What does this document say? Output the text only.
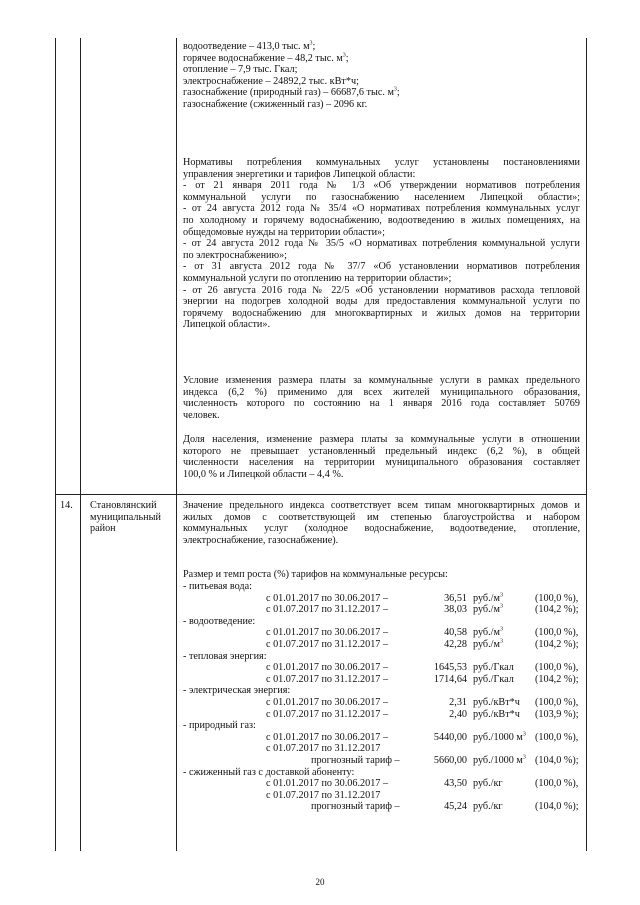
водоотведение – 413,0 тыс. $м^3$;
горячее водоснабжение – 48,2 тыс. $м^3$;
отопление – 7,9 тыс. Гкал;
электроснабжение – 24892,2 тыс. кВт*ч;
газоснабжение (природный газ) – 66687,6 тыс. $м^3$;
газоснабжение (сжиженный газ) – 2096 кг.
Нормативы потребления коммунальных услуг установлены постановлениями
управления энергетики и тарифов Липецкой области:
- от 21 января 2011 года № 1/3 «Об утверждении нормативов потребления
коммунальной услуги по газоснабжению населением Липецкой области»;
- от 24 августа 2012 года № 35/4 «О нормативах потребления коммунальных услуг
по холодному и горячему водоснабжению, водоотведению в жилых помещениях, на
общедомовые нужды на территории области»;
- от 24 августа 2012 года № 35/5 «О нормативах потребления коммунальной услуги
по электроснабжению»;
- от 31 августа 2012 года № 37/7 «Об установлении нормативов потребления
коммунальной услуги по отоплению на территории области»;
- от 26 августа 2016 года № 22/5 «Об установлении нормативов расхода тепловой
энергии на подогрев холодной воды для предоставления коммунальной услуги по
горячему водоснабжению для многоквартирных и жилых домов на территории
Липецкой области».
Условие изменения размера платы за коммунальные услуги в рамках предельного
индекса (6,2 %) применимо для всех жителей муниципального образования,
численность которого по состоянию на 1 января 2016 года составляет 50769
человек.
Доля населения, изменение размера платы за коммунальные услуги в отношении
которого не превышает установленный предельный индекс (6,2 %), в общей
численности населения на территории муниципального образования составляет
100,0 % и Липецкой области – 4,4 %.
14. Становлянский
муниципальный
район
Значение предельного индекса соответствует всем типам многоквартирных домов и
жилых домов с соответствующей им степенью благоустройства и набором
коммунальных услуг (холодное водоснабжение, водоотведение, отопление,
электроснабжение, газоснабжение).
Размер и темп роста (%) тарифов на коммунальные ресурсы:
- питьевая вода:
с 01.01.2017 по 30.06.2017 –	36,51 $руб./м^3$	(100,0 %),
с 01.07.2017 по 31.12.2017 –	38,03 $руб./м^3$	(104,2 %);
- водоотведение:
с 01.01.2017 по 30.06.2017 –	40,58 $руб./м^3$	(100,0 %),
с 01.07.2017 по 31.12.2017 –	42,28 $руб./м^3$	(104,2 %);
- тепловая энергия:
с 01.01.2017 по 30.06.2017 –	1645,53 руб./Гкал (100,0 %),
с 01.07.2017 по 31.12.2017 –	1714,64 руб./Гкал (104,2 %);
- электрическая энергия:
с 01.01.2017 по 30.06.2017 –	2,31 руб./кВт*ч (100,0 %),
с 01.07.2017 по 31.12.2017 –	2,40 руб./кВт*ч (103,9 %);
- природный газ:
с 01.01.2017 по 30.06.2017 –	5440,00 руб./1000 $м^3$ (100,0 %),
с 01.07.2017 по 31.12.2017
прогнозный тариф –	5660,00 руб./1000 $м^3$ (104,0 %);
- сжиженный газ с доставкой абоненту:
с 01.01.2017 по 30.06.2017 –	43,50 руб./кг	(100,0 %),
с 01.07.2017 по 31.12.2017
прогнозный тариф –	45,24 руб./кг	(104,0 %);
20
